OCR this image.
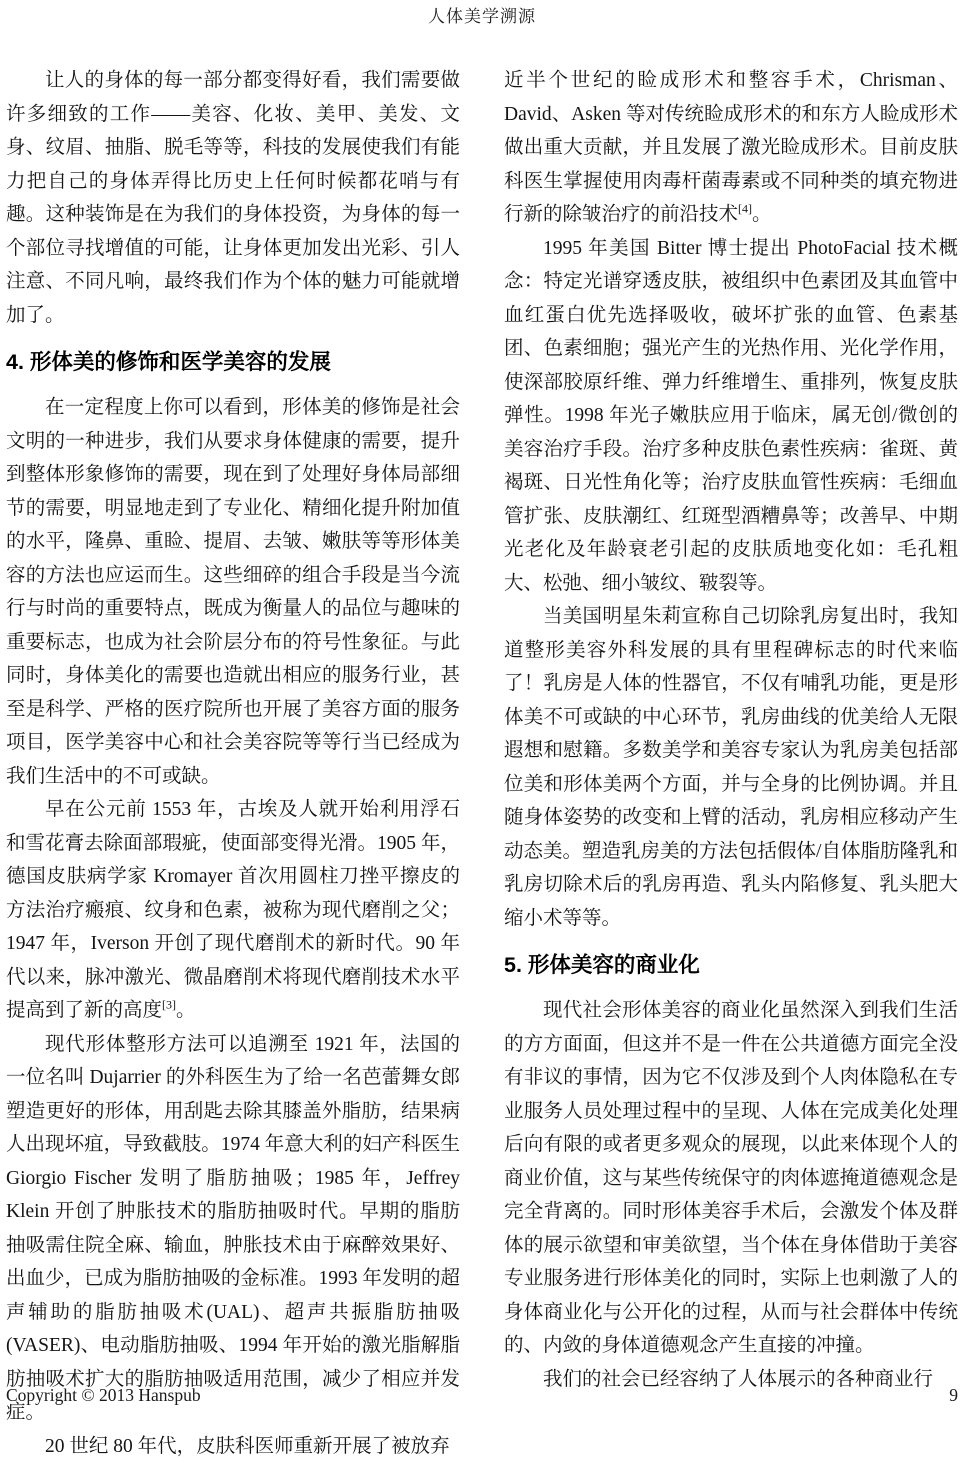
人体美学溯源

让人的身体的每一部分都变得好看，我们需要做许多细致的工作——美容、化妆、美甲、美发、文身、纹眉、抽脂、脱毛等等，科技的发展使我们有能力把自己的身体弄得比历史上任何时候都花哨与有趣。这种装饰是在为我们的身体投资，为身体的每一个部位寻找增值的可能，让身体更加发出光彩、引人注意、不同凡响，最终我们作为个体的魅力可能就增加了。

4. 形体美的修饰和医学美容的发展

在一定程度上你可以看到，形体美的修饰是社会文明的一种进步，我们从要求身体健康的需要，提升到整体形象修饰的需要，现在到了处理好身体局部细节的需要，明显地走到了专业化、精细化提升附加值的水平，隆鼻、重睑、提眉、去皱、嫩肤等等形体美容的方法也应运而生。这些细碎的组合手段是当今流行与时尚的重要特点，既成为衡量人的品位与趣味的重要标志，也成为社会阶层分布的符号性象征。与此同时，身体美化的需要也造就出相应的服务行业，甚至是科学、严格的医疗院所也开展了美容方面的服务项目，医学美容中心和社会美容院等等行当已经成为我们生活中的不可或缺。

早在公元前 1553 年，古埃及人就开始利用浮石和雪花膏去除面部瑕疵，使面部变得光滑。1905 年，德国皮肤病学家 Kromayer 首次用圆柱刀挫平擦皮的方法治疗瘢痕、纹身和色素，被称为现代磨削之父；1947 年，Iverson 开创了现代磨削术的新时代。90 年代以来，脉冲激光、微晶磨削术将现代磨削技术水平提高到了新的高度[3]。

现代形体整形方法可以追溯至 1921 年，法国的一位名叫 Dujarrier 的外科医生为了给一名芭蕾舞女郎塑造更好的形体，用刮匙去除其膝盖外脂肪，结果病人出现坏疽，导致截肢。1974 年意大利的妇产科医生 Giorgio Fischer 发明了脂肪抽吸；1985 年，Jeffrey Klein 开创了肿胀技术的脂肪抽吸时代。早期的脂肪抽吸需住院全麻、输血，肿胀技术由于麻醉效果好、出血少，已成为脂肪抽吸的金标准。1993 年发明的超声辅助的脂肪抽吸术(UAL)、超声共振脂肪抽吸(VASER)、电动脂肪抽吸、1994 年开始的激光脂解脂肪抽吸术扩大的脂肪抽吸适用范围，减少了相应并发症。

20 世纪 80 年代，皮肤科医师重新开展了被放弃

近半个世纪的睑成形术和整容手术，Chrisman、David、Asken 等对传统睑成形术的和东方人睑成形术做出重大贡献，并且发展了激光睑成形术。目前皮肤科医生掌握使用肉毒杆菌毒素或不同种类的填充物进行新的除皱治疗的前沿技术[4]。

1995 年美国 Bitter 博士提出 PhotoFacial 技术概念：特定光谱穿透皮肤，被组织中色素团及其血管中血红蛋白优先选择吸收，破坏扩张的血管、色素基团、色素细胞；强光产生的光热作用、光化学作用，使深部胶原纤维、弹力纤维增生、重排列，恢复皮肤弹性。1998 年光子嫩肤应用于临床，属无创/微创的美容治疗手段。治疗多种皮肤色素性疾病：雀斑、黄褐斑、日光性角化等；治疗皮肤血管性疾病：毛细血管扩张、皮肤潮红、红斑型酒糟鼻等；改善早、中期光老化及年龄衰老引起的皮肤质地变化如：毛孔粗大、松弛、细小皱纹、皲裂等。

当美国明星朱莉宣称自己切除乳房复出时，我知道整形美容外科发展的具有里程碑标志的时代来临了！乳房是人体的性器官，不仅有哺乳功能，更是形体美不可或缺的中心环节，乳房曲线的优美给人无限遐想和慰籍。多数美学和美容专家认为乳房美包括部位美和形体美两个方面，并与全身的比例协调。并且随身体姿势的改变和上臂的活动，乳房相应移动产生动态美。塑造乳房美的方法包括假体/自体脂肪隆乳和乳房切除术后的乳房再造、乳头内陷修复、乳头肥大缩小术等等。

5. 形体美容的商业化

现代社会形体美容的商业化虽然深入到我们生活的方方面面，但这并不是一件在公共道德方面完全没有非议的事情，因为它不仅涉及到个人肉体隐私在专业服务人员处理过程中的呈现、人体在完成美化处理后向有限的或者更多观众的展现，以此来体现个人的商业价值，这与某些传统保守的肉体遮掩道德观念是完全背离的。同时形体美容手术后，会激发个体及群体的展示欲望和审美欲望，当个体在身体借助于美容专业服务进行形体美化的同时，实际上也刺激了人的身体商业化与公开化的过程，从而与社会群体中传统的、内敛的身体道德观念产生直接的冲撞。

我们的社会已经容纳了人体展示的各种商业行

Copyright © 2013 Hanspub	9
